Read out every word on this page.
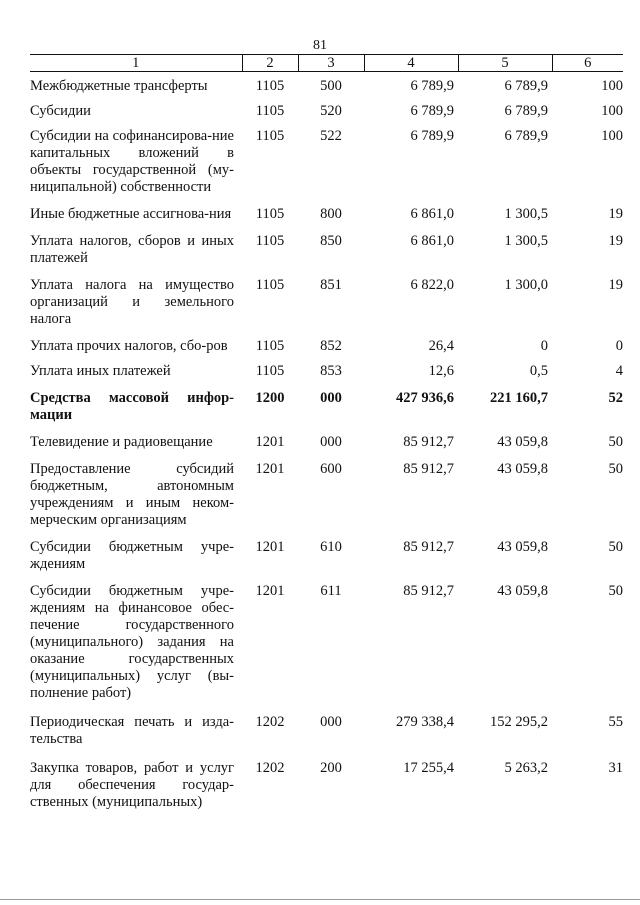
81
1	2	3	4	5	6
Межбюджетные трансферты	1105	500	6 789,9	6 789,9	100
Субсидии	1105	520	6 789,9	6 789,9	100
Субсидии на софинансирова-ние капитальных вложений в объекты государственной (му-ниципальной) собственности	1105	522	6 789,9	6 789,9	100
Иные бюджетные ассигнова-ния	1105	800	6 861,0	1 300,5	19
Уплата налогов, сборов и иных платежей	1105	850	6 861,0	1 300,5	19
Уплата налога на имущество организаций и земельного налога	1105	851	6 822,0	1 300,0	19
Уплата прочих налогов, сбо-ров	1105	852	26,4	0	0
Уплата иных платежей	1105	853	12,6	0,5	4
Средства массовой инфор-мации	1200	000	427 936,6	221 160,7	52
Телевидение и радиовещание	1201	000	85 912,7	43 059,8	50
Предоставление субсидий бюджетным, автономным учреждениям и иным неком-мерческим организациям	1201	600	85 912,7	43 059,8	50
Субсидии бюджетным учре-ждениям	1201	610	85 912,7	43 059,8	50
Субсидии бюджетным учре-ждениям на финансовое обес-печение государственного (муниципального) задания на оказание государственных (муниципальных) услуг (вы-полнение работ)	1201	611	85 912,7	43 059,8	50
Периодическая печать и изда-тельства	1202	000	279 338,4	152 295,2	55
Закупка товаров, работ и услуг для обеспечения государ-ственных (муниципальных)	1202	200	17 255,4	5 263,2	31
